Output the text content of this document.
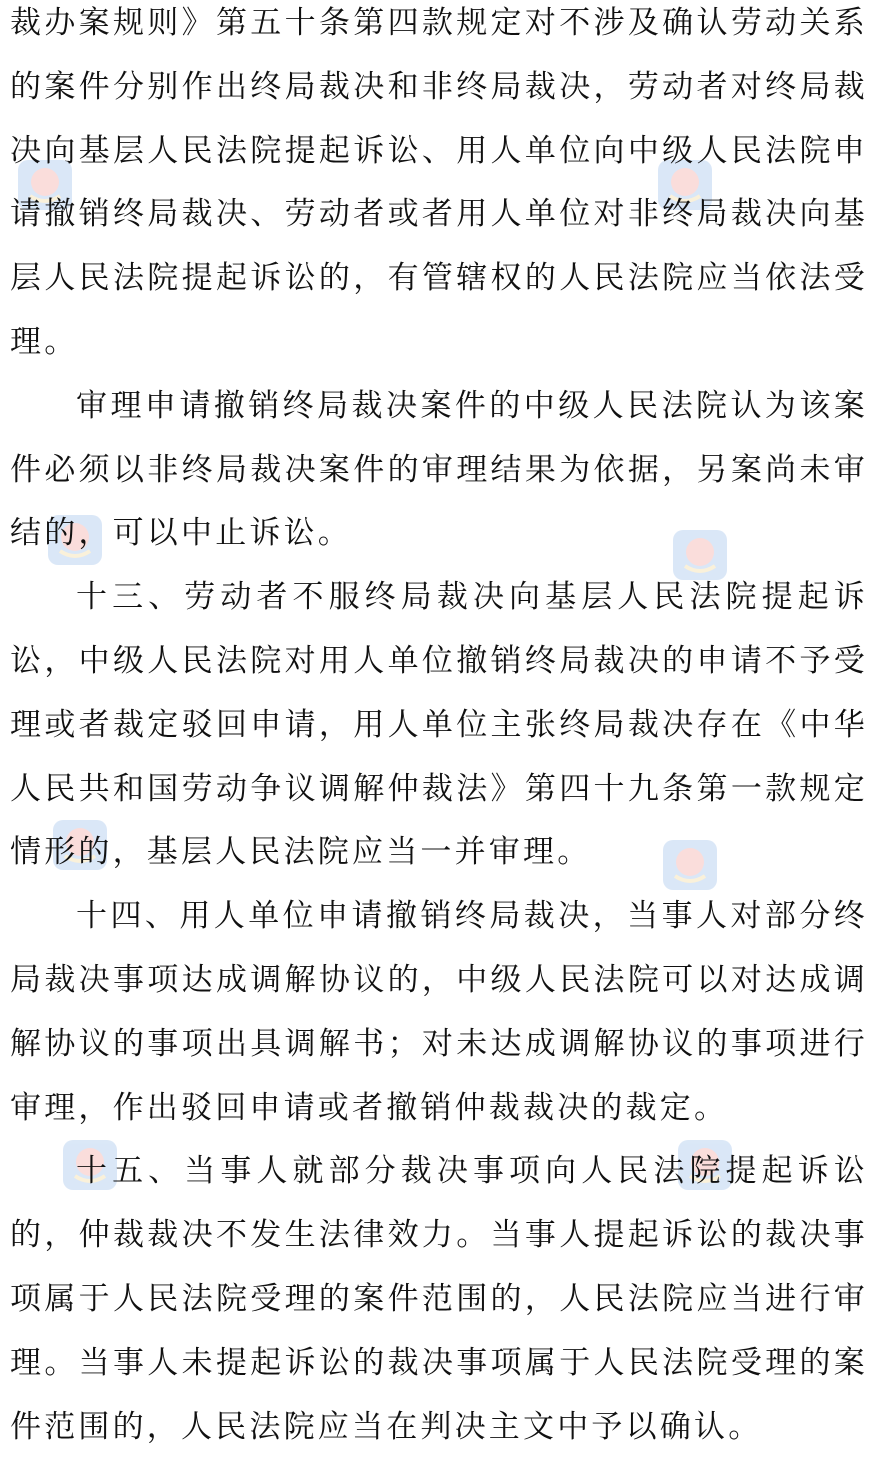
裁办案规则》第五十条第四款规定对不涉及确认劳动关系的案件分别作出终局裁决和非终局裁决，劳动者对终局裁决向基层人民法院提起诉讼、用人单位向中级人民法院申请撤销终局裁决、劳动者或者用人单位对非终局裁决向基层人民法院提起诉讼的，有管辖权的人民法院应当依法受理。

审理申请撤销终局裁决案件的中级人民法院认为该案件必须以非终局裁决案件的审理结果为依据，另案尚未审结的，可以中止诉讼。

十三、劳动者不服终局裁决向基层人民法院提起诉讼，中级人民法院对用人单位撤销终局裁决的申请不予受理或者裁定驳回申请，用人单位主张终局裁决存在《中华人民共和国劳动争议调解仲裁法》第四十九条第一款规定情形的，基层人民法院应当一并审理。

十四、用人单位申请撤销终局裁决，当事人对部分终局裁决事项达成调解协议的，中级人民法院可以对达成调解协议的事项出具调解书；对未达成调解协议的事项进行审理，作出驳回申请或者撤销仲裁裁决的裁定。

十五、当事人就部分裁决事项向人民法院提起诉讼的，仲裁裁决不发生法律效力。当事人提起诉讼的裁决事项属于人民法院受理的案件范围的，人民法院应当进行审理。当事人未提起诉讼的裁决事项属于人民法院受理的案件范围的，人民法院应当在判决主文中予以确认。
